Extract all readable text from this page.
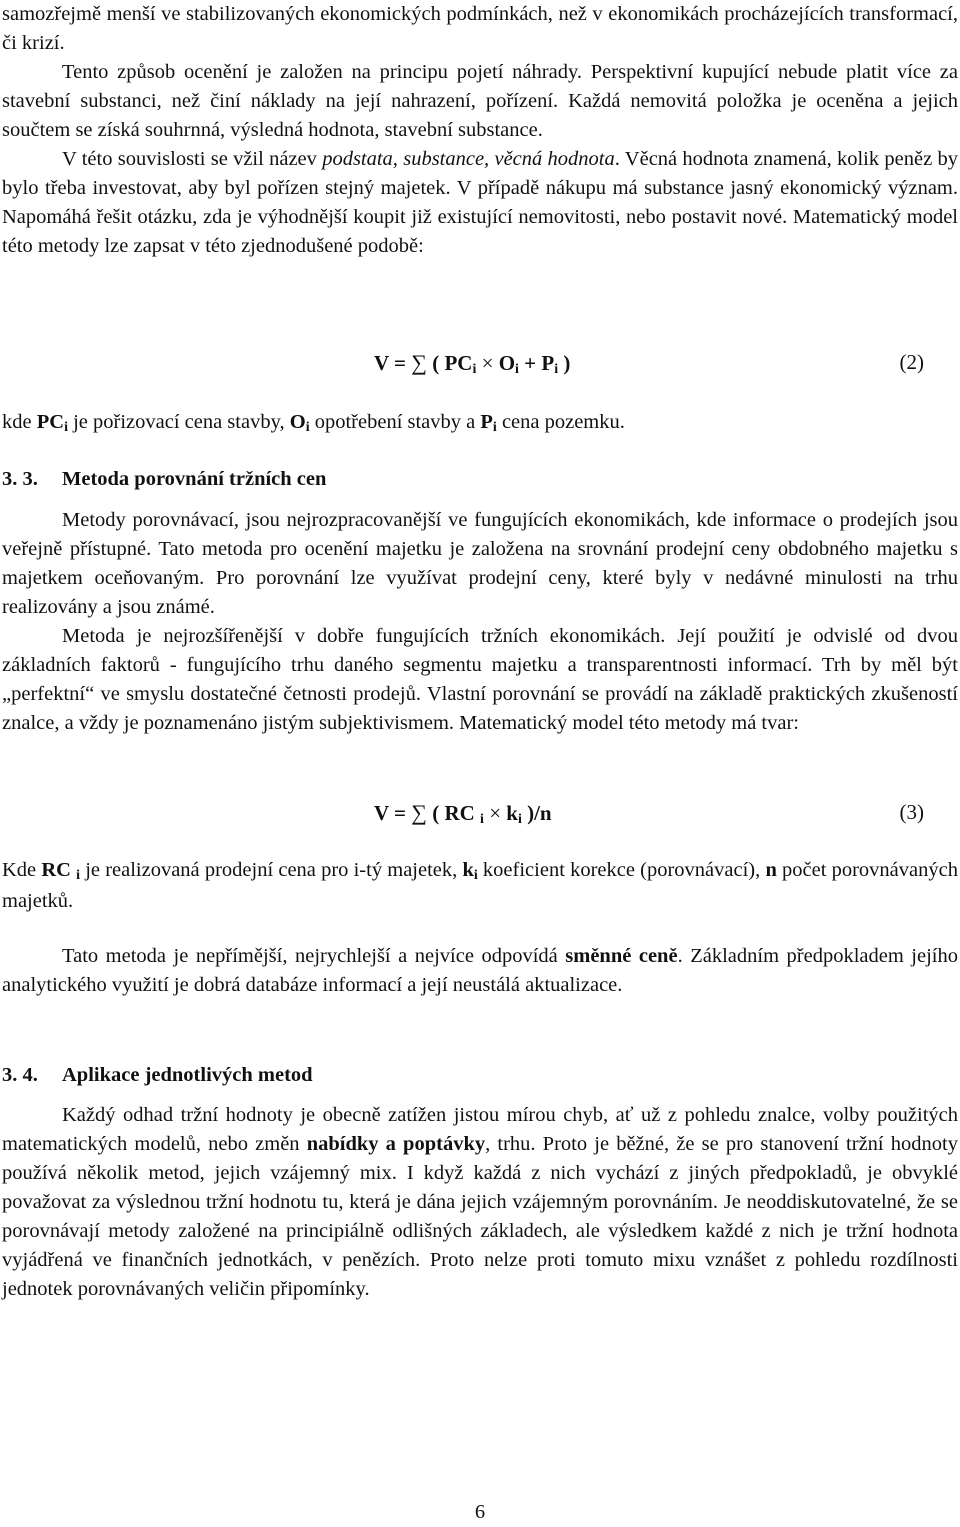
samozřejmě menší ve stabilizovaných ekonomických podmínkách, než v ekonomikách procházejících transformací, či krizí.

Tento způsob ocenění je založen na principu pojetí náhrady. Perspektivní kupující nebude platit více za stavební substanci, než činí náklady na její nahrazení, pořízení. Každá nemovitá položka je oceněna a jejich součtem se získá souhrnná, výsledná hodnota, stavební substance.

V této souvislosti se vžil název podstata, substance, věcná hodnota. Věcná hodnota znamená, kolik peněz by bylo třeba investovat, aby byl pořízen stejný majetek. V případě nákupu má substance jasný ekonomický význam. Napomáhá řešit otázku, zda je výhodnější koupit již existující nemovitosti, nebo postavit nové. Matematický model této metody lze zapsat v této zjednodušené podobě:

V = ∑ ( PCi × Oi + Pi )	(2)

kde PCi je pořizovací cena stavby, Oi opotřebení stavby a Pi cena pozemku.

3. 3. Metoda porovnání tržních cen

Metody porovnávací, jsou nejrozpracovanější ve fungujících ekonomikách, kde informace o prodejích jsou veřejně přístupné. Tato metoda pro ocenění majetku je založena na srovnání prodejní ceny obdobného majetku s majetkem oceňovaným. Pro porovnání lze využívat prodejní ceny, které byly v nedávné minulosti na trhu realizovány a jsou známé.

Metoda je nejrozšířenější v dobře fungujících tržních ekonomikách. Její použití je odvislé od dvou základních faktorů - fungujícího trhu daného segmentu majetku a transparentnosti informací. Trh by měl být „perfektní“ ve smyslu dostatečné četnosti prodejů. Vlastní porovnání se provádí na základě praktických zkušeností znalce, a vždy je poznamenáno jistým subjektivismem. Matematický model této metody má tvar:

V = ∑ ( RC i × ki )/n	(3)

Kde RC i je realizovaná prodejní cena pro i-tý majetek, ki koeficient korekce (porovnávací), n počet porovnávaných majetků.

Tato metoda je nepřímější, nejrychlejší a nejvíce odpovídá směnné ceně. Základním předpokladem jejího analytického využití je dobrá databáze informací a její neustálá aktualizace.

3. 4. Aplikace jednotlivých metod

Každý odhad tržní hodnoty je obecně zatížen jistou mírou chyb, ať už z pohledu znalce, volby použitých matematických modelů, nebo změn nabídky a poptávky, trhu. Proto je běžné, že se pro stanovení tržní hodnoty používá několik metod, jejich vzájemný mix. I když každá z nich vychází z jiných předpokladů, je obvyklé považovat za výslednou tržní hodnotu tu, která je dána jejich vzájemným porovnáním. Je neoddiskutovatelné, že se porovnávají metody založené na principiálně odlišných základech, ale výsledkem každé z nich je tržní hodnota vyjádřená ve finančních jednotkách, v penězích. Proto nelze proti tomuto mixu vznášet z pohledu rozdílnosti jednotek porovnávaných veličin připomínky.

6
